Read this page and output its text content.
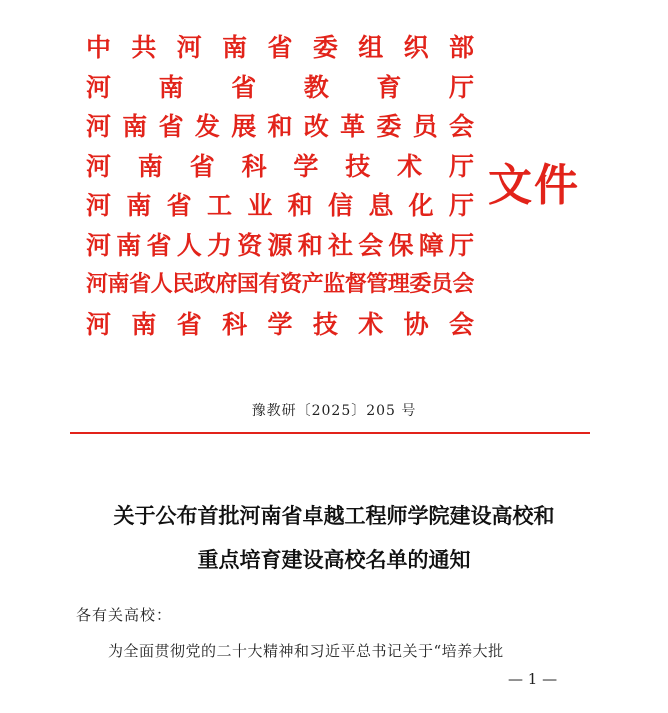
中共河南省委组织部
河南省教育厅
河南省发展和改革委员会
河南省科学技术厅
河南省工业和信息化厅
河南省人力资源和社会保障厅
河南省人民政府国有资产监督管理委员会
河南省科学技术协会
文件
豫教研〔2025〕205 号
关于公布首批河南省卓越工程师学院建设高校和
重点培育建设高校名单的通知
各有关高校：
为全面贯彻党的二十大精神和习近平总书记关于“培养大批
— 1 —
